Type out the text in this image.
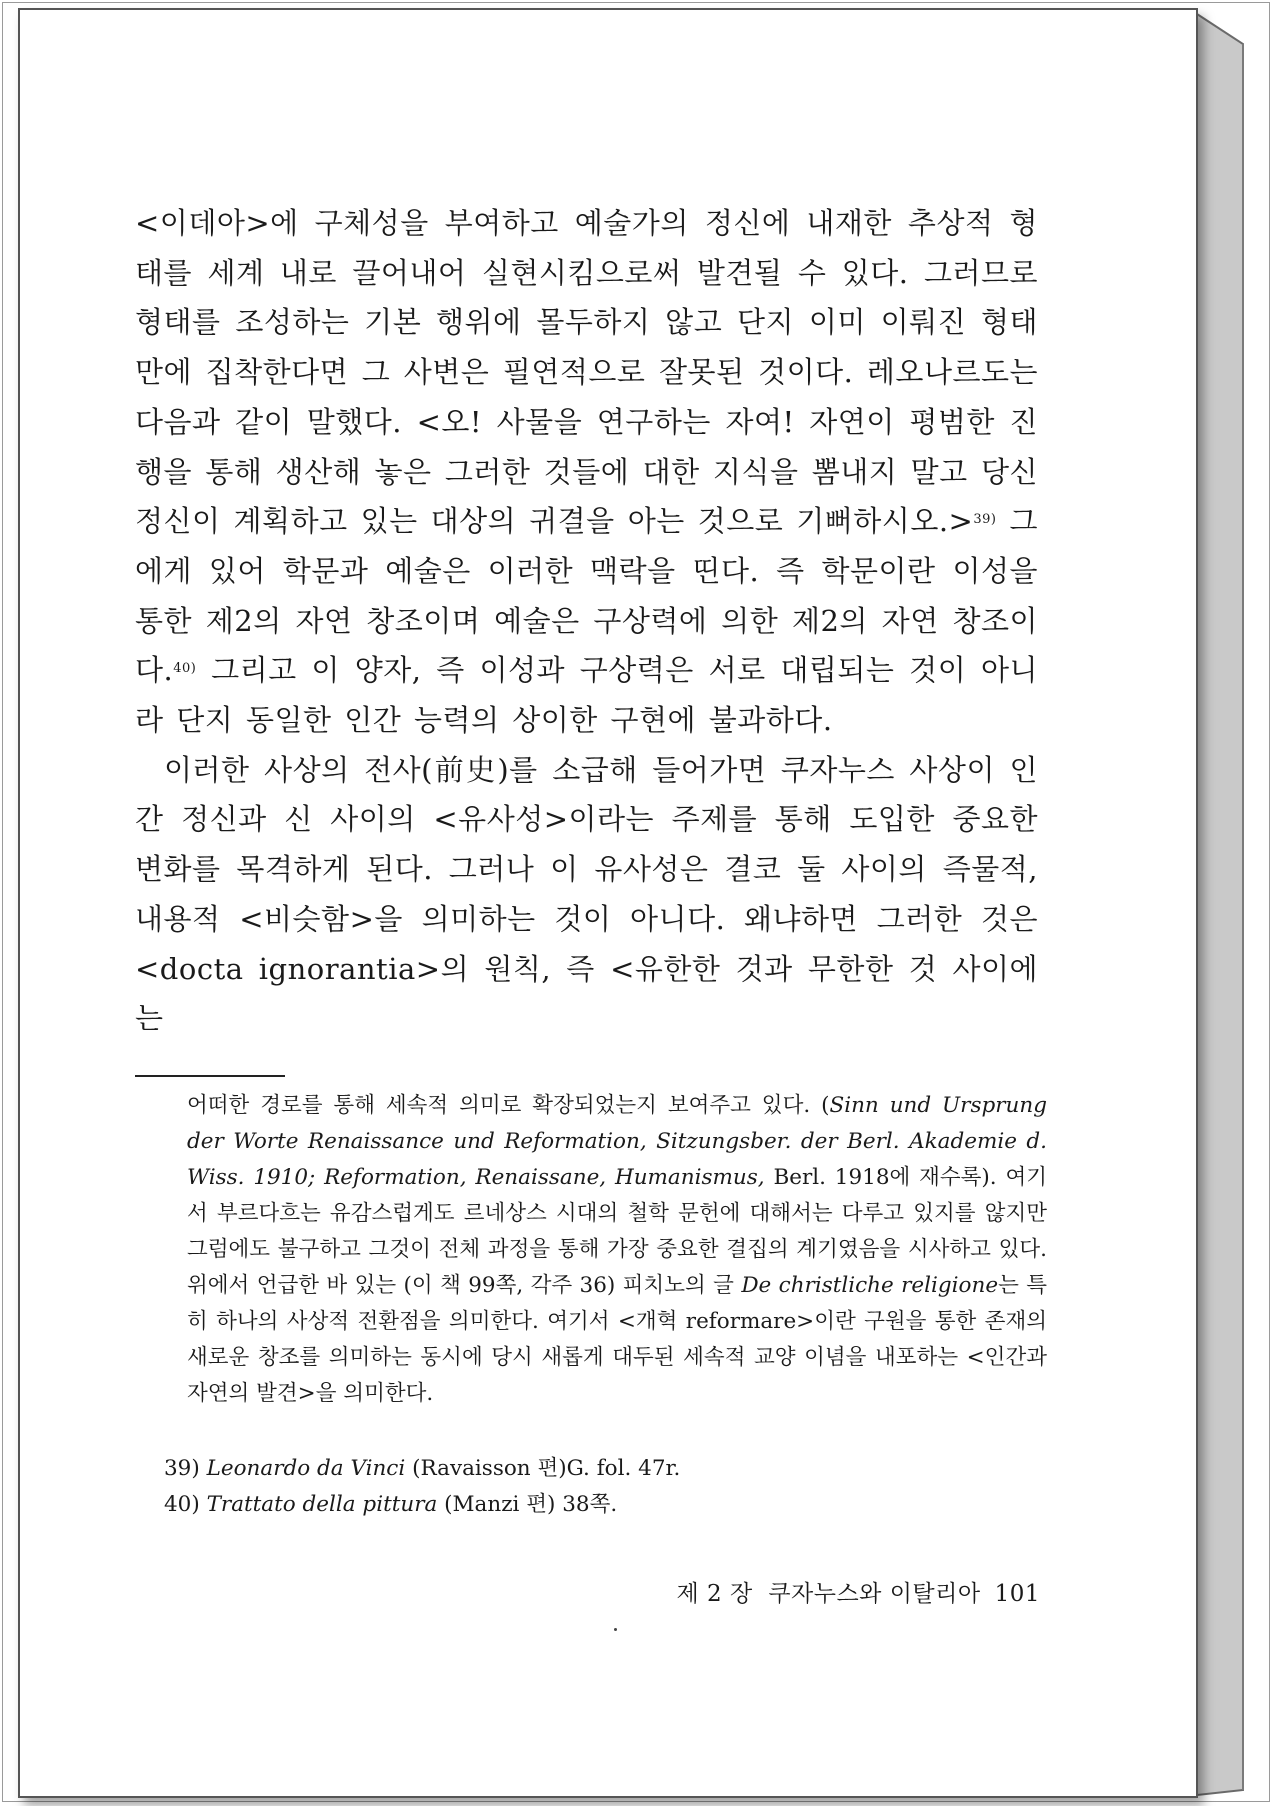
<이데아>에 구체성을 부여하고 예술가의 정신에 내재한 추상적 형태를 세계 내로 끌어내어 실현시킴으로써 발견될 수 있다. 그러므로 형태를 조성하는 기본 행위에 몰두하지 않고 단지 이미 이뤄진 형태만에 집착한다면 그 사변은 필연적으로 잘못된 것이다. 레오나르도는 다음과 같이 말했다. <오! 사물을 연구하는 자여! 자연이 평범한 진행을 통해 생산해 놓은 그러한 것들에 대한 지식을 뽐내지 말고 당신 정신이 계획하고 있는 대상의 귀결을 아는 것으로 기뻐하시오.>$^{39)}$ 그에게 있어 학문과 예술은 이러한 맥락을 띤다. 즉 학문이란 이성을 통한 제2의 자연 창조이며 예술은 구상력에 의한 제2의 자연 창조이다.$^{40)}$ 그리고 이 양자, 즉 이성과 구상력은 서로 대립되는 것이 아니라 단지 동일한 인간 능력의 상이한 구현에 불과하다.

이러한 사상의 전사(前史)를 소급해 들어가면 쿠자누스 사상이 인간 정신과 신 사이의 <유사성>이라는 주제를 통해 도입한 중요한 변화를 목격하게 된다. 그러나 이 유사성은 결코 둘 사이의 즉물적, 내용적 <비슷함>을 의미하는 것이 아니다. 왜냐하면 그러한 것은 <docta ignorantia>의 원칙, 즉 <유한한 것과 무한한 것 사이에는

어떠한 경로를 통해 세속적 의미로 확장되었는지 보여주고 있다. (Sinn und Ursprung der Worte Renaissance und Reformation, Sitzungsber. der Berl. Akademie d. Wiss. 1910; Reformation, Renaissane, Humanismus, Berl. 1918에 재수록). 여기서 부르다흐는 유감스럽게도 르네상스 시대의 철학 문헌에 대해서는 다루고 있지를 않지만 그럼에도 불구하고 그것이 전체 과정을 통해 가장 중요한 결집의 계기였음을 시사하고 있다. 위에서 언급한 바 있는 (이 책 99쪽, 각주 36) 피치노의 글 De christliche religione는 특히 하나의 사상적 전환점을 의미한다. 여기서 <개혁 reformare>이란 구원을 통한 존재의 새로운 창조를 의미하는 동시에 당시 새롭게 대두된 세속적 교양 이념을 내포하는 <인간과 자연의 발견>을 의미한다.

39) Leonardo da Vinci (Ravaisson 편)G. fol. 47r.
40) Trattato della pittura (Manzi 편) 38쪽.
제 2 장  쿠자누스와 이탈리아 101
